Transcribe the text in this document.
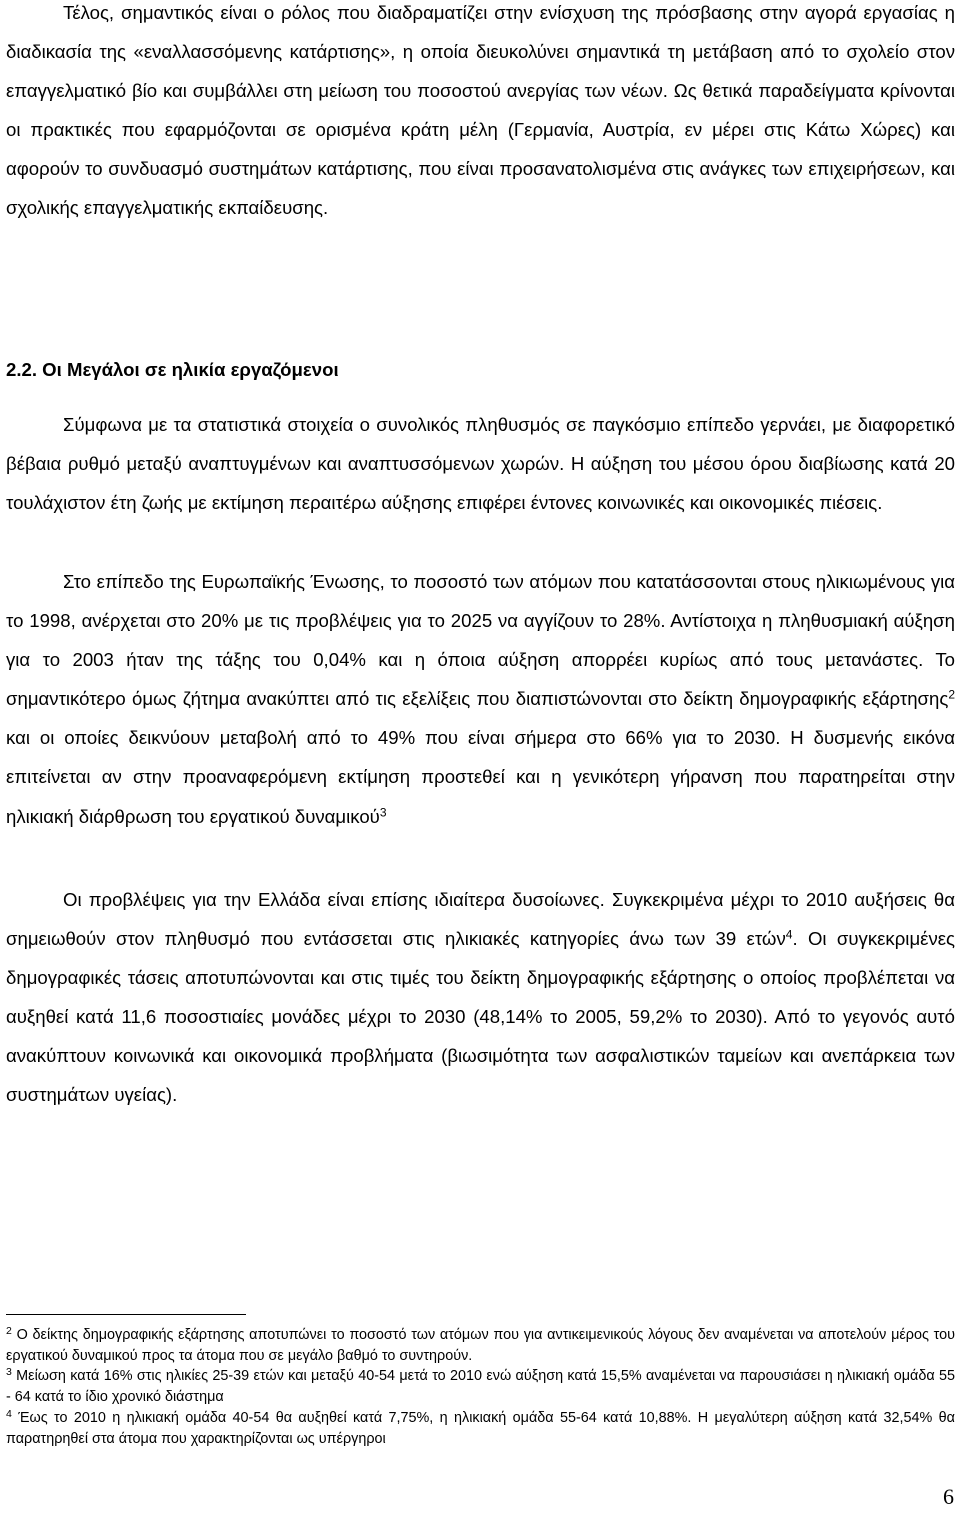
Τέλος, σημαντικός είναι ο ρόλος που διαδραματίζει στην ενίσχυση της πρόσβασης στην αγορά εργασίας η διαδικασία της «εναλλασσόμενης κατάρτισης», η οποία διευκολύνει σημαντικά τη μετάβαση από το σχολείο στον επαγγελματικό βίο και συμβάλλει στη μείωση του ποσοστού ανεργίας των νέων. Ως θετικά παραδείγματα κρίνονται οι πρακτικές που εφαρμόζονται σε ορισμένα κράτη μέλη (Γερμανία, Αυστρία, εν μέρει στις Κάτω Χώρες) και αφορούν το συνδυασμό συστημάτων κατάρτισης, που είναι προσανατολισμένα στις ανάγκες των επιχειρήσεων, και σχολικής επαγγελματικής εκπαίδευσης.

2.2. Οι Μεγάλοι σε ηλικία εργαζόμενοι

Σύμφωνα με τα στατιστικά στοιχεία ο συνολικός πληθυσμός σε παγκόσμιο επίπεδο γερνάει, με διαφορετικό βέβαια ρυθμό μεταξύ αναπτυγμένων και αναπτυσσόμενων χωρών. Η αύξηση του μέσου όρου διαβίωσης κατά 20 τουλάχιστον έτη ζωής με εκτίμηση περαιτέρω αύξησης επιφέρει έντονες κοινωνικές και οικονομικές πιέσεις.

Στο επίπεδο της Ευρωπαϊκής Ένωσης, το ποσοστό των ατόμων που κατατάσσονται στους ηλικιωμένους για το 1998, ανέρχεται στο 20% με τις προβλέψεις για το 2025 να αγγίζουν το 28%. Αντίστοιχα η πληθυσμιακή αύξηση για το 2003 ήταν της τάξης του 0,04% και η όποια αύξηση απορρέει κυρίως από τους μετανάστες. Το σημαντικότερο όμως ζήτημα ανακύπτει από τις εξελίξεις που διαπιστώνονται στο δείκτη δημογραφικής εξάρτησης$^2$ και οι οποίες δεικνύουν μεταβολή από το 49% που είναι σήμερα στο 66% για το 2030. Η δυσμενής εικόνα επιτείνεται αν στην προαναφερόμενη εκτίμηση προστεθεί και η γενικότερη γήρανση που παρατηρείται στην ηλικιακή διάρθρωση του εργατικού δυναμικού$^3$

Οι προβλέψεις για την Ελλάδα είναι επίσης ιδιαίτερα δυσοίωνες. Συγκεκριμένα μέχρι το 2010 αυξήσεις θα σημειωθούν στον πληθυσμό που εντάσσεται στις ηλικιακές κατηγορίες άνω των 39 ετών$^4$. Οι συγκεκριμένες δημογραφικές τάσεις αποτυπώνονται και στις τιμές του δείκτη δημογραφικής εξάρτησης ο οποίος προβλέπεται να αυξηθεί κατά 11,6 ποσοστιαίες μονάδες μέχρι το 2030 (48,14% το 2005, 59,2% το 2030). Από το γεγονός αυτό ανακύπτουν κοινωνικά και οικονομικά προβλήματα (βιωσιμότητα των ασφαλιστικών ταμείων και ανεπάρκεια των συστημάτων υγείας).

$^2$ Ο δείκτης δημογραφικής εξάρτησης αποτυπώνει το ποσοστό των ατόμων που για αντικειμενικούς λόγους δεν αναμένεται να αποτελούν μέρος του εργατικού δυναμικού προς τα άτομα που σε μεγάλο βαθμό το συντηρούν.

$^3$ Μείωση κατά 16% στις ηλικίες 25-39 ετών και μεταξύ 40-54 μετά το 2010 ενώ αύξηση κατά 15,5% αναμένεται να παρουσιάσει η ηλικιακή ομάδα 55 - 64 κατά το ίδιο χρονικό διάστημα

$^4$ Έως το 2010 η ηλικιακή ομάδα 40-54 θα αυξηθεί κατά 7,75%, η ηλικιακή ομάδα 55-64 κατά 10,88%. Η μεγαλύτερη αύξηση κατά 32,54% θα παρατηρηθεί στα άτομα που χαρακτηρίζονται ως υπέργηροι

6
